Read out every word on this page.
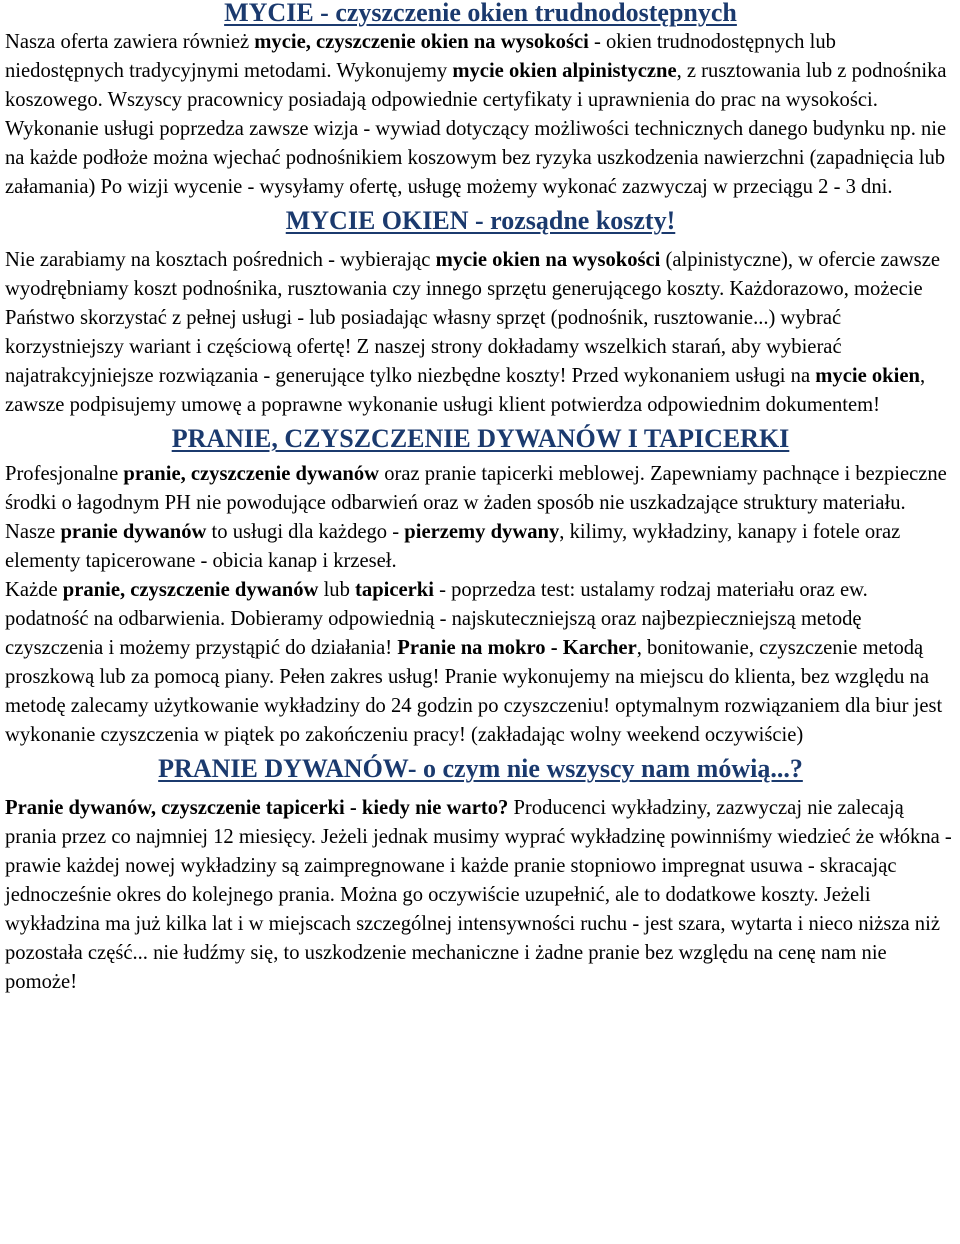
MYCIE - czyszczenie okien trudnodostępnych

Nasza oferta zawiera również mycie, czyszczenie okien na wysokości - okien trudnodostępnych lub niedostępnych tradycyjnymi metodami. Wykonujemy mycie okien alpinistyczne, z rusztowania lub z podnośnika koszowego. Wszyscy pracownicy posiadają odpowiednie certyfikaty i uprawnienia do prac na wysokości. Wykonanie usługi poprzedza zawsze wizja - wywiad dotyczący możliwości technicznych danego budynku np. nie na każde podłoże można wjechać podnośnikiem koszowym bez ryzyka uszkodzenia nawierzchni (zapadnięcia lub załamania) Po wizji wycenie - wysyłamy ofertę, usługę możemy wykonać zazwyczaj w przeciągu 2 - 3 dni.

MYCIE OKIEN - rozsądne koszty!

Nie zarabiamy na kosztach pośrednich - wybierając mycie okien na wysokości (alpinistyczne), w ofercie zawsze wyodrębniamy koszt podnośnika, rusztowania czy innego sprzętu generującego koszty. Każdorazowo, możecie Państwo skorzystać z pełnej usługi - lub posiadając własny sprzęt (podnośnik, rusztowanie...) wybrać korzystniejszy wariant i częściową ofertę! Z naszej strony dokładamy wszelkich starań, aby wybierać najatrakcyjniejsze rozwiązania - generujące tylko niezbędne koszty! Przed wykonaniem usługi na mycie okien, zawsze podpisujemy umowę a poprawne wykonanie usługi klient potwierdza odpowiednim dokumentem!

PRANIE, CZYSZCZENIE DYWANÓW I TAPICERKI

Profesjonalne pranie, czyszczenie dywanów oraz pranie tapicerki meblowej. Zapewniamy pachnące i bezpieczne środki o łagodnym PH nie powodujące odbarwień oraz w żaden sposób nie uszkadzające struktury materiału. Nasze pranie dywanów to usługi dla każdego - pierzemy dywany, kilimy, wykładziny, kanapy i fotele oraz elementy tapicerowane - obicia kanap i krzeseł.

Każde pranie, czyszczenie dywanów lub tapicerki - poprzedza test: ustalamy rodzaj materiału oraz ew. podatność na odbarwienia. Dobieramy odpowiednią - najskuteczniejszą oraz najbezpieczniejszą metodę czyszczenia i możemy przystąpić do działania! Pranie na mokro - Karcher, bonitowanie, czyszczenie metodą proszkową lub za pomocą piany. Pełen zakres usług! Pranie wykonujemy na miejscu do klienta, bez względu na metodę zalecamy użytkowanie wykładziny do 24 godzin po czyszczeniu! optymalnym rozwiązaniem dla biur jest wykonanie czyszczenia w piątek po zakończeniu pracy! (zakładając wolny weekend oczywiście)

PRANIE DYWANÓW- o czym nie wszyscy nam mówią...?

Pranie dywanów, czyszczenie tapicerki - kiedy nie warto? Producenci wykładziny, zazwyczaj nie zalecają prania przez co najmniej 12 miesięcy. Jeżeli jednak musimy wyprać wykładzinę powinniśmy wiedzieć że włókna - prawie każdej nowej wykładziny są zaimpregnowane i każde pranie stopniowo impregnat usuwa - skracając jednocześnie okres do kolejnego prania. Można go oczywiście uzupełnić, ale to dodatkowe koszty. Jeżeli wykładzina ma już kilka lat i w miejscach szczególnej intensywności ruchu - jest szara, wytarta i nieco niższa niż pozostała część... nie łudźmy się, to uszkodzenie mechaniczne i żadne pranie bez względu na cenę nam nie pomoże!
